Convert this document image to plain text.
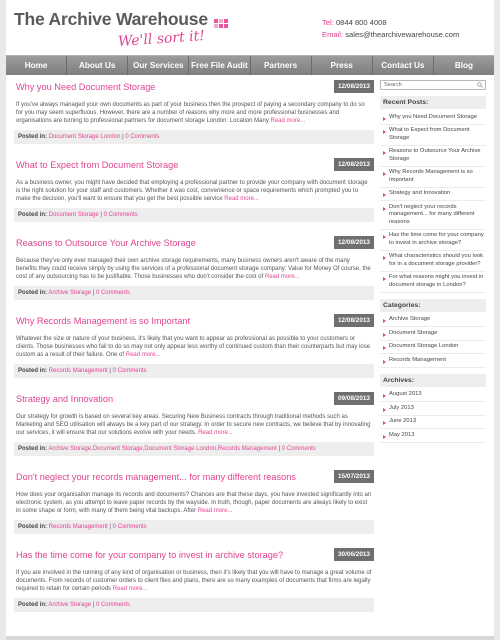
The Archive Warehouse
We'll sort it!
Tel: 0844 800 4008
Email: sales@thearchivewarehouse.com
Home	About Us	Our Services Free File Audit	Partners	Press	Contact Us	Blog
Why you Need Document Storage	12/08/2013
If you've always managed your own documents as part of your business then the prospect of paying a secondary company to do so for you may seem superfluous. However, there are a number of reasons why more and more professional businesses and organisations are turning to professional partners for document storage London: Location Many Read more...
Posted in: Document Storage London | 0 Comments
What to Expect from Document Storage	12/08/2013
As a business owner, you might have decided that employing a professional partner to provide your company with document storage is the right solution for your staff and customers. Whether it was cost, convenience or space requirements which prompted you to make the decision, you'll want to ensure that you get the best possible service Read more...
Posted in: Document Storage | 0 Comments
Reasons to Outsource Your Archive Storage	12/08/2013
Because they've only ever managed their own archive storage requirements, many business owners aren't aware of the many benefits they could receive simply by using the services of a professional document storage company: Value for Money Of course, the cost of any outsourcing has to be justifiable. Those businesses who don't consider the cost of Read more...
Posted in: Archive Storage | 0 Comments
Why Records Management is so Important	12/08/2013
Whatever the size or nature of your business, it's likely that you want to appear as professional as possible to your customers or clients. Those businesses who fail to do so may not only appear less worthy of continued custom than their counterparts but may lose custom as a result of their failure. One of Read more...
Posted in: Records Management | 0 Comments
Strategy and Innovation	09/08/2013
Our strategy for growth is based on several key areas. Securing New Business contracts through traditional methods such as Marketing and SEO utilisation will always be a key part of our strategy. In order to secure new contracts, we believe that by innovating our services, it will ensure that our solutions evolve with your needs. Read more...
Posted in: Archive Storage,Document Storage,Document Storage London,Records Management | 0 Comments
Don't neglect your records management... for many different reasons	15/07/2013
How does your organisation manage its records and documents? Chances are that these days, you have invested significantly into an electronic system, as you attempt to leave paper records by the wayside. In truth, though, paper documents are always likely to exist in some shape or form, with many of them being vital backups. After Read more...
Posted in: Records Management | 0 Comments
Has the time come for your company to invest in archive storage?	30/06/2013
If you are involved in the running of any kind of organisation or business, then it's likely that you will have to manage a great volume of documents. From records of customer orders to client files and plans, there are so many examples of documents that firms are legally required to retain for certain periods Read more...
Posted in: Archive Storage | 0 Comments
Search
Recent Posts:
Why you Need Document Storage
What to Expect from Document Storage
Reasons to Outsource Your Archive Storage
Why Records Management is so Important
Strategy and Innovation
Don't neglect your records management... for many different reasons
Has the time come for your company to invest in archive storage?
What characteristics should you look for in a document storage provider?
For what reasons might you invest in document storage in London?
Categories:
Archive Storage
Document Storage
Document Storage London
Records Management
Archives:
August 2013
July 2013
June 2013
May 2013
